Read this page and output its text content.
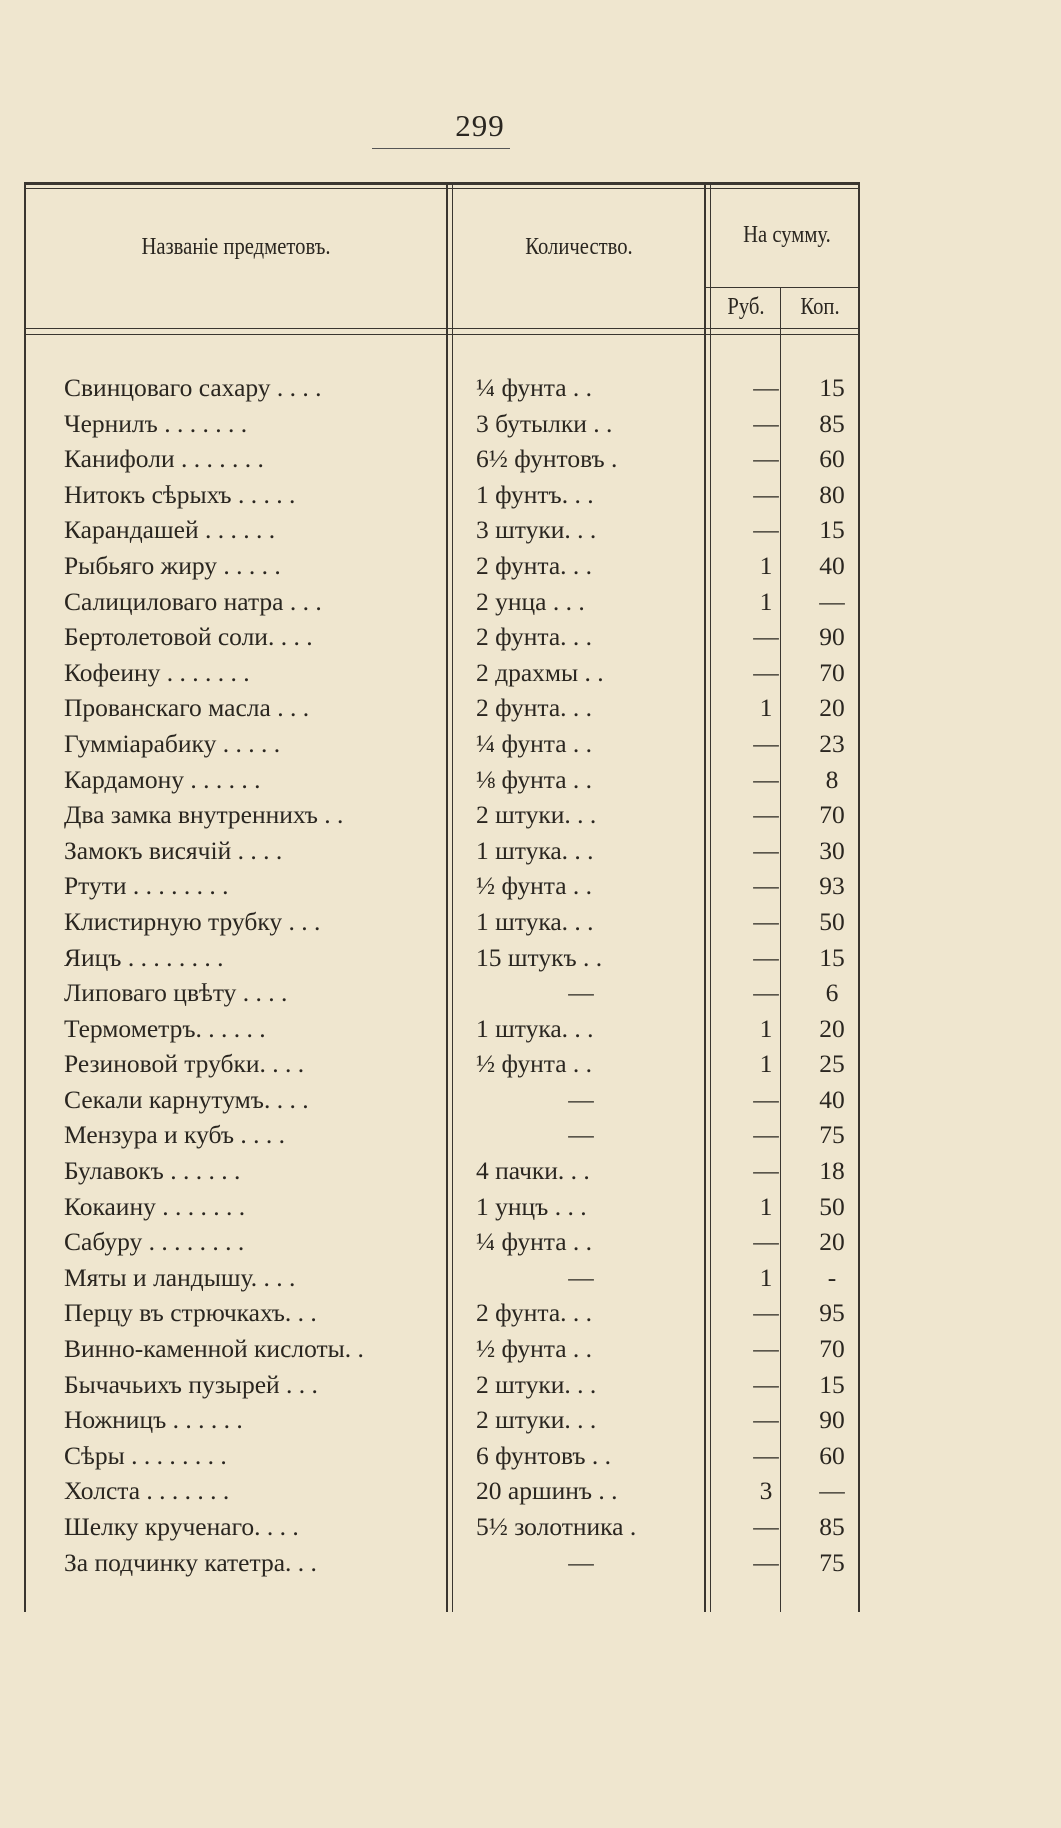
299
Названіе предметовъ.	Количество.	На сумму.
Руб.	Коп.
Свинцоваго сахару . . . .	¼ фунта . .	—	15
Чернилъ . . . . . . .	3 бутылки . .	—	85
Канифоли . . . . . . .	6½ фунтовъ .	—	60
Нитокъ сѣрыхъ . . . . .	1 фунтъ. . .	—	80
Карандашей . . . . . .	3 штуки. . .	—	15
Рыбьяго жиру . . . . .	2 фунта. . .	1	40
Салициловаго натра . . .	2 унца . . .	1	—
Бертолетовой соли. . . .	2 фунта. . .	—	90
Кофеину . . . . . . .	2 драхмы . .	—	70
Прованскаго масла . . .	2 фунта. . .	1	20
Гумміарабику . . . . .	¼ фунта . .	—	23
Кардамону . . . . . .	⅛ фунта . .	—	8
Два замка внутреннихъ . .	2 штуки. . .	—	70
Замокъ висячій . . . .	1 штука. . .	—	30
Ртути . . . . . . . .	½ фунта . .	—	93
Клистирную трубку . . .	1 штука. . .	—	50
Яицъ . . . . . . . .	15 штукъ . .	—	15
Липоваго цвѣту . . . .	—	—	6
Термометръ. . . . . .	1 штука. . .	1	20
Резиновой трубки. . . .	½ фунта . .	1	25
Секали карнутумъ. . . .	—	—	40
Мензура и кубъ . . . .	—	—	75
Булавокъ . . . . . .	4 пачки. . .	—	18
Кокаину . . . . . . .	1 унцъ . . .	1	50
Сабуру . . . . . . . .	¼ фунта . .	—	20
Мяты и ландышу. . . .	—	1	-
Перцу въ стрючкахъ. . .	2 фунта. . .	—	95
Винно-каменной кислоты. .	½ фунта . .	—	70
Бычачьихъ пузырей . . .	2 штуки. . .	—	15
Ножницъ . . . . . .	2 штуки. . .	—	90
Сѣры . . . . . . . .	6 фунтовъ . .	—	60
Холста . . . . . . .	20 аршинъ . .	3	—
Шелку крученаго. . . .	5½ золотника .	—	85
За подчинку катетра. . .	—	—	75
